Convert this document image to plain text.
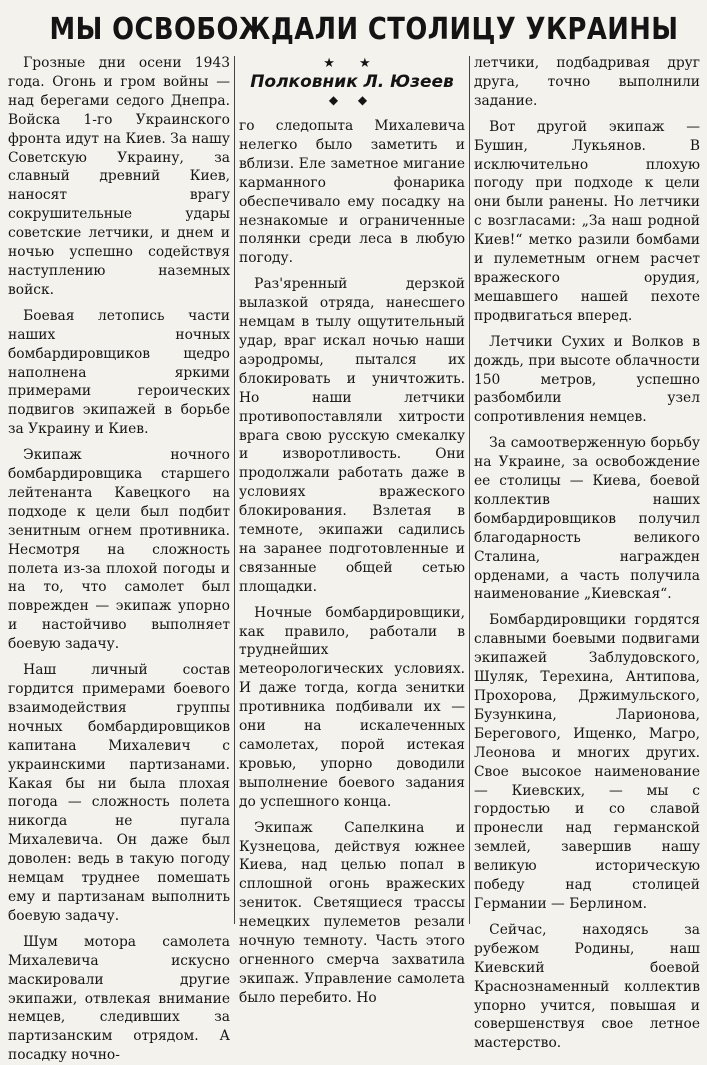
МЫ ОСВОБОЖДАЛИ СТОЛИЦУ УКРАИНЫ

Грозные дни осени 1943 года. Огонь и гром войны — над берегами седого Днепра. Войска 1-го Украинского фронта идут на Киев. За нашу Советскую Украину, за славный древний Киев, наносят врагу сокрушительные удары советские летчики, и днем и ночью успешно содействуя наступлению наземных войск.

Боевая летопись части наших ночных бомбардировщиков щедро наполнена яркими примерами героических подвигов экипажей в борьбе за Украину и Киев.

Экипаж ночного бомбардировщика старшего лейтенанта Кавецкого на подходе к цели был подбит зенитным огнем противника. Несмотря на сложность полета из-за плохой погоды и на то, что самолет был поврежден — экипаж упорно и настойчиво выполняет боевую задачу.

Наш личный состав гордится примерами боевого взаимодействия группы ночных бомбардировщиков капитана Михалевич с украинскими партизанами. Какая бы ни была плохая погода — сложность полета никогда не пугала Михалевича. Он даже был доволен: ведь в такую погоду немцам труднее помешать ему и партизанам выполнить боевую задачу.

Шум мотора самолета Михалевича искусно маскировали другие экипажи, отвлекая внимание немцев, следивших за партизанским отрядом. А посадку ночно-

★ ★
Полковник Л. Юзеев
◆ ◆

го следопыта Михалевича нелегко было заметить и вблизи. Еле заметное мигание карманного фонарика обеспечивало ему посадку на незнакомые и ограниченные полянки среди леса в любую погоду.

Раз'яренный дерзкой вылазкой отряда, нанесшего немцам в тылу ощутительный удар, враг искал ночью наши аэродромы, пытался их блокировать и уничтожить. Но наши летчики противопоставляли хитрости врага свою русскую смекалку и изворотливость. Они продолжали работать даже в условиях вражеского блокирования. Взлетая в темноте, экипажи садились на заранее подготовленные и связанные общей сетью площадки.

Ночные бомбардировщики, как правило, работали в труднейших метеорологических условиях. И даже тогда, когда зенитки противника подбивали их — они на искалеченных самолетах, порой истекая кровью, упорно доводили выполнение боевого задания до успешного конца.

Экипаж Сапелкина и Кузнецова, действуя южнее Киева, над целью попал в сплошной огонь вражеских зениток. Светящиеся трассы немецких пулеметов резали ночную темноту. Часть этого огненного смерча захватила экипаж. Управление самолета было перебито. Но

летчики, подбадривая друг друга, точно выполнили задание.

Вот другой экипаж — Бушин, Лукьянов. В исключительно плохую погоду при подходе к цели они были ранены. Но летчики с возгласами: „За наш родной Киев!“ метко разили бомбами и пулеметным огнем расчет вражеского орудия, мешавшего нашей пехоте продвигаться вперед.

Летчики Сухих и Волков в дождь, при высоте облачности 150 метров, успешно разбомбили узел сопротивления немцев.

За самоотверженную борьбу на Украине, за освобождение ее столицы — Киева, боевой коллектив наших бомбардировщиков получил благодарность великого Сталина, награжден орденами, а часть получила наименование „Киевская“.

Бомбардировщики гордятся славными боевыми подвигами экипажей Заблудовского, Шуляк, Терехина, Антипова, Прохорова, Држимульского, Бузункина, Ларионова, Берегового, Ищенко, Магро, Леонова и многих других. Свое высокое наименование — Киевских, — мы с гордостью и со славой пронесли над германской землей, завершив нашу великую историческую победу над столицей Германии — Берлином.

Сейчас, находясь за рубежом Родины, наш Киевский боевой Краснознаменный коллектив упорно учится, повышая и совершенствуя свое летное мастерство.
